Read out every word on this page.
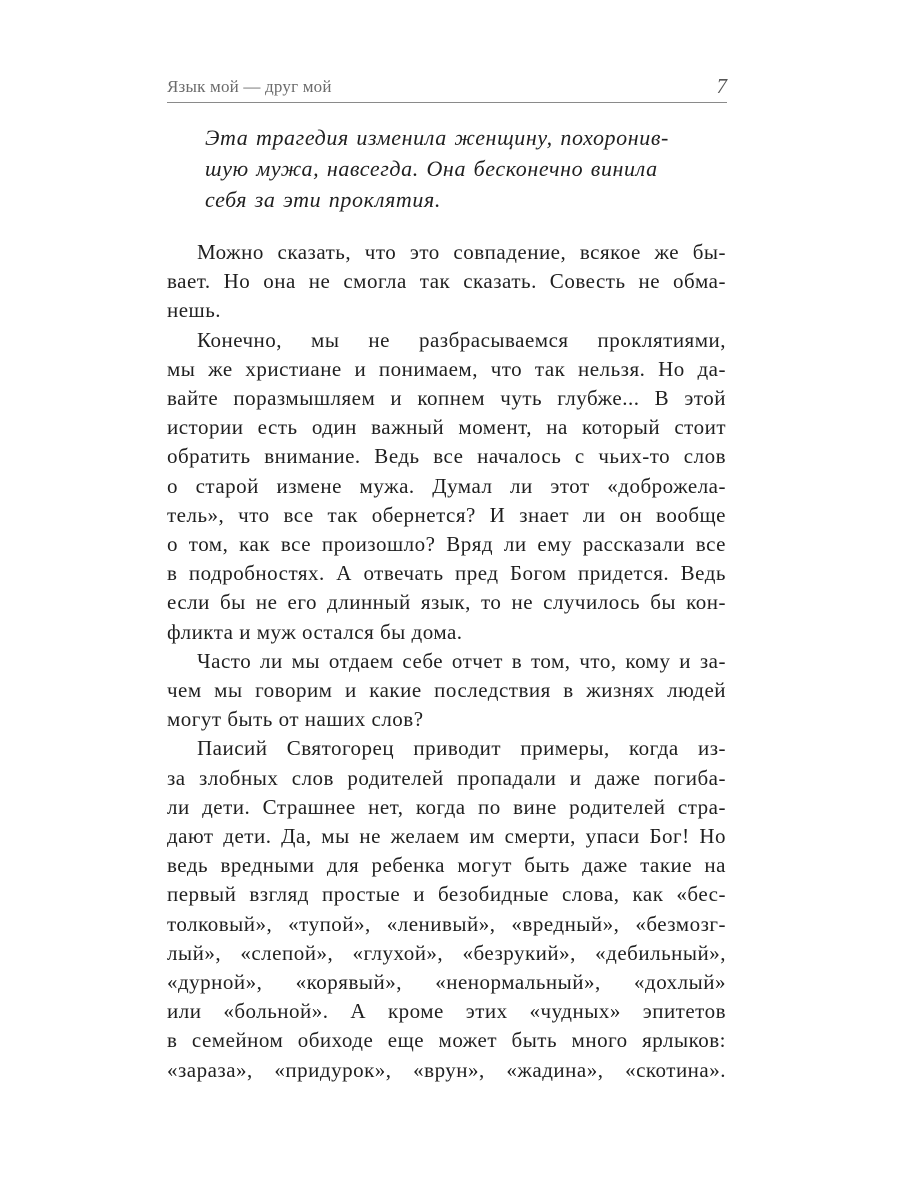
Язык мой — друг мой	7
Эта трагедия изменила женщину, похоронив-
шую мужа, навсегда. Она бесконечно винила
себя за эти проклятия.
Можно сказать, что это совпадение, всякое же бы-
вает. Но она не смогла так сказать. Совесть не обма-
нешь.
Конечно, мы не разбрасываемся проклятиями,
мы же христиане и понимаем, что так нельзя. Но да-
вайте поразмышляем и копнем чуть глубже... В этой
истории есть один важный момент, на который стоит
обратить внимание. Ведь все началось с чьих-то слов
о старой измене мужа. Думал ли этот «доброжела-
тель», что все так обернется? И знает ли он вообще
о том, как все произошло? Вряд ли ему рассказали все
в подробностях. А отвечать пред Богом придется. Ведь
если бы не его длинный язык, то не случилось бы кон-
фликта и муж остался бы дома.
Часто ли мы отдаем себе отчет в том, что, кому и за-
чем мы говорим и какие последствия в жизнях людей
могут быть от наших слов?
Паисий Святогорец приводит примеры, когда из-
за злобных слов родителей пропадали и даже погиба-
ли дети. Страшнее нет, когда по вине родителей стра-
дают дети. Да, мы не желаем им смерти, упаси Бог! Но
ведь вредными для ребенка могут быть даже такие на
первый взгляд простые и безобидные слова, как «бес-
толковый», «тупой», «ленивый», «вредный», «безмозг-
лый», «слепой», «глухой», «безрукий», «дебильный»,
«дурной», «корявый», «ненормальный», «дохлый»
или «больной». А кроме этих «чудных» эпитетов
в семейном обиходе еще может быть много ярлыков:
«зараза», «придурок», «врун», «жадина», «скотина».
